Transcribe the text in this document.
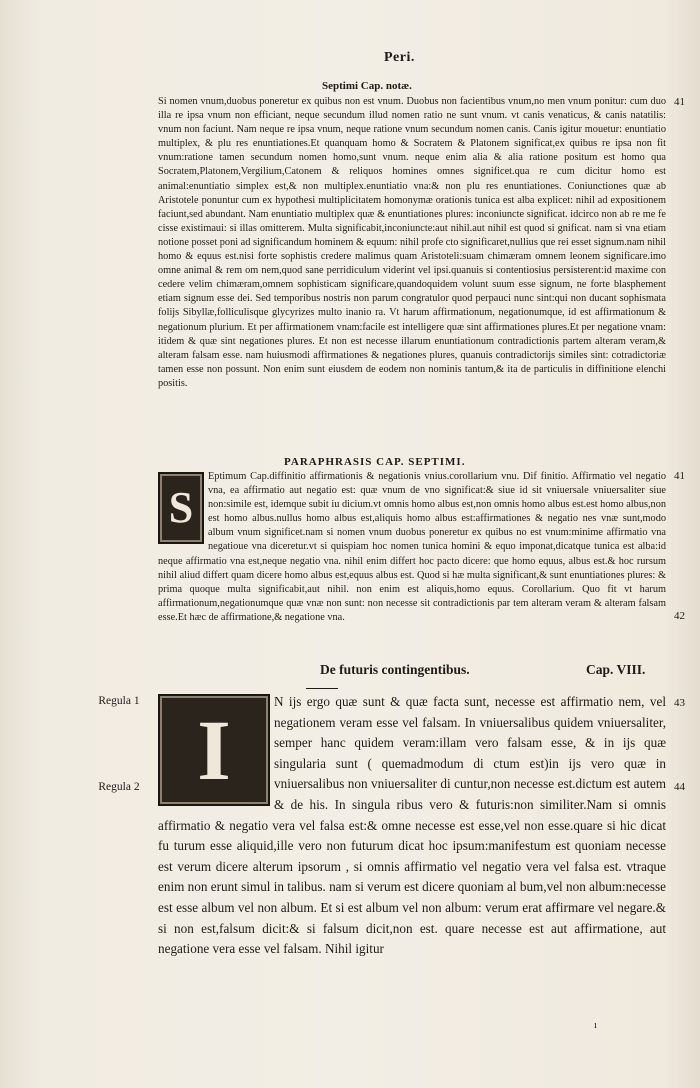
Peri.
Septimi Cap. notæ.

Si nomen vnum,duobus poneretur ex quibus non est vnum. Duobus non facientibus vnum,no men vnum ponitur: cum duo illa re ipsa vnum non efficiant, neque secundum illud nomen ratio ne sunt vnum. vt canis venaticus, & canis natatilis: vnum non faciunt. Nam neque re ipsa vnum, neque ratione vnum secundum nomen canis. Canis igitur mouetur: enuntiatio multiplex, & plu res enuntiationes.Et quanquam homo & Socratem & Platonem significat,ex quibus re ipsa non fit vnum:ratione tamen secundum nomen homo,sunt vnum. neque enim alia & alia ratione positum est homo qua Socratem,Platonem,Vergilium,Catonem & reliquos homines omnes significet.qua re cum dicitur homo est animal:enuntiatio simplex est,& non multiplex.enuntiatio vna:& non plu res enuntiationes. Coniunctiones quæ ab Aristotele ponuntur cum ex hypothesi multiplicitatem homonymæ orationis tunica est alba explicet: nihil ad expositionem faciunt,sed abundant. Nam enuntiatio multiplex quæ & enuntiationes plures: inconiuncte significat. idcirco non ab re me fe cisse existimaui: si illas omitterem. Multa significabit,inconiuncte:aut nihil.aut nihil est quod si gnificat. nam si vna etiam notione posset poni ad significandum hominem & equum: nihil profe cto significaret,nullius que rei esset signum.nam nihil homo & equus est.nisi forte sophistis credere malimus quam Aristoteli:suam chimæram omnem leonem significare.imo omne animal & rem om nem,quod sane perridiculum viderint vel ipsi.quanuis si contentiosius persisterent:id maxime con cedere velim chimæram,omnem sophisticam significare,quandoquidem volunt suum esse signum, ne forte blasphement etiam signum esse dei. Sed temporibus nostris non parum congratulor quod perpauci nunc sint:qui non ducant sophismata folijs Sibyllæ,folliculisque glycyrizes multo inanio ra. Vt harum affirmationum, negationumque, id est affirmationum & negationum plurium. Et per affirmationem vnam:facile est intelligere quæ sint affirmationes plures.Et per negatione vnam: itidem & quæ sint negationes plures. Et non est necesse illarum enuntiationum contradictionis partem alteram veram,& alteram falsam esse. nam huiusmodi affirmationes & negationes plures, quanuis contradictorijs similes sint: cotradictoriæ tamen esse non possunt. Non enim sunt eiusdem de eodem non nominis tantum,& ita de particulis in diffinitione elenchi positis.

41
PARAPHRASIS CAP. SEPTIMI.
S

Eptimum Cap.diffinitio affirmationis & negationis vnius.corollarium vnu. Dif finitio. Affirmatio vel negatio vna, ea affirmatio aut negatio est: quæ vnum de vno significat:& siue id sit vniuersale vniuersaliter siue non:simile est, idemque subit iu dicium.vt omnis homo albus est,non omnis homo albus est.est homo albus,non est homo albus.nullus homo albus est,aliquis homo albus est:affirmationes & negatio nes vnæ sunt,modo album vnum significet.nam si nomen vnum duobus poneretur ex quibus no est vnum:minime affirmatio vna negatioue vna diceretur.vt si quispiam hoc nomen tunica homini & equo imponat,dicatque tunica est alba:id neque affirmatio vna est,neque negatio vna. nihil enim differt hoc pacto dicere: que homo equus, albus est.& hoc rursum nihil aliud differt quam dicere homo albus est,equus albus est. Quod si hæ multa significant,& sunt enuntiationes plures: & prima quoque multa significabit,aut nihil. non enim est aliquis,homo equus. Corollarium. Quo fit vt harum affirmationum,negationumque quæ vnæ non sunt: non necesse sit contradictionis par tem alteram veram & alteram falsam esse.Et hæc de affirmatione,& negatione vna.

41
42
De futuris contingentibus.	Cap. VIII.
I

N ijs ergo quæ sunt & quæ facta sunt, necesse est affirmatio nem, vel negationem veram esse vel falsam. In vniuersalibus quidem vniuersaliter, semper hanc quidem veram:illam vero falsam esse, & in ijs quæ singularia sunt ( quemadmodum di ctum est)in ijs vero quæ in vniuersalibus non vniuersaliter di cuntur,non necesse est.dictum est autem & de his. In singula ribus vero & futuris:non similiter.Nam si omnis affirmatio & negatio vera vel falsa est:& omne necesse est esse,vel non esse.quare si hic dicat fu turum esse aliquid,ille vero non futurum dicat hoc ipsum:manifestum est quoniam necesse est verum dicere alterum ipsorum , si omnis affirmatio vel negatio vera vel falsa est. vtraque enim non erunt simul in talibus. nam si verum est dicere quoniam al bum,vel non album:necesse est esse album vel non album. Et si est album vel non album: verum erat affirmare vel negare.& si non est,falsum dicit:& si falsum dicit,non est. quare necesse est aut affirmatione, aut negatione vera esse vel falsam. Nihil igitur

43
44
Regula 1
Regula 2
ı
